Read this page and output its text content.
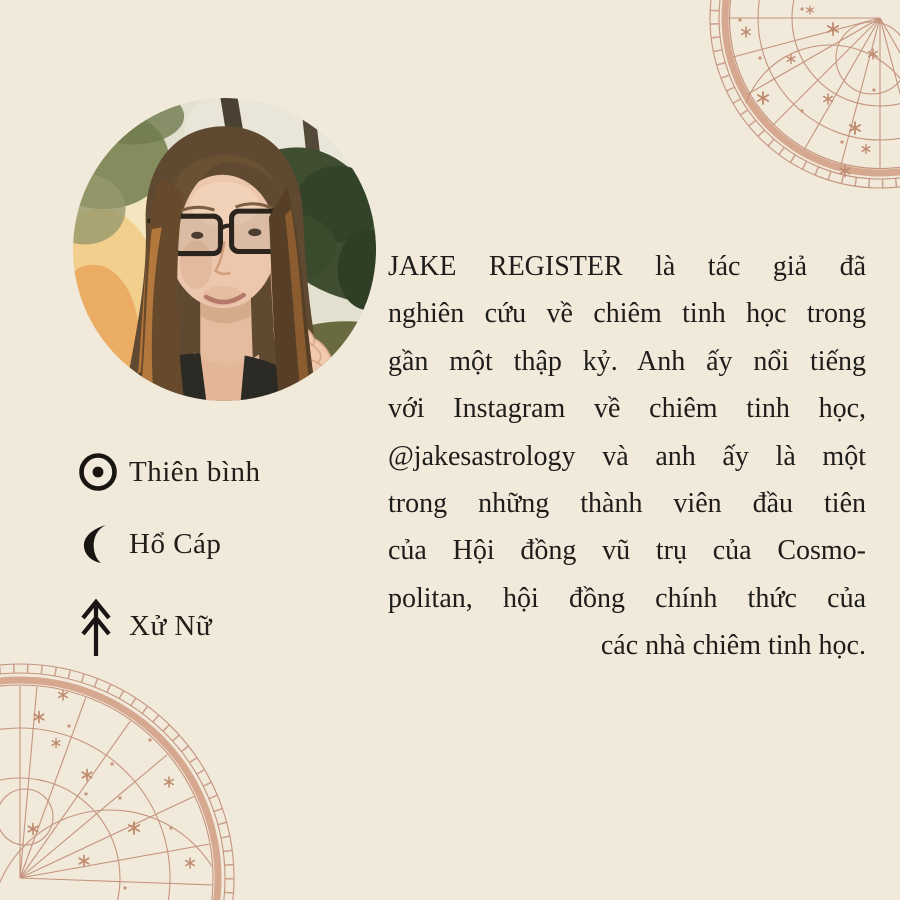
Thiên bình
Hổ Cáp
Xử Nữ
JAKE REGISTER là tác giả đã
nghiên cứu về chiêm tinh học trong
gần một thập kỷ. Anh ấy nổi tiếng
với Instagram về chiêm tinh học,
@jakesastrology và anh ấy là một
trong những thành viên đầu tiên
của Hội đồng vũ trụ của Cosmo-
politan, hội đồng chính thức của
các nhà chiêm tinh học.
